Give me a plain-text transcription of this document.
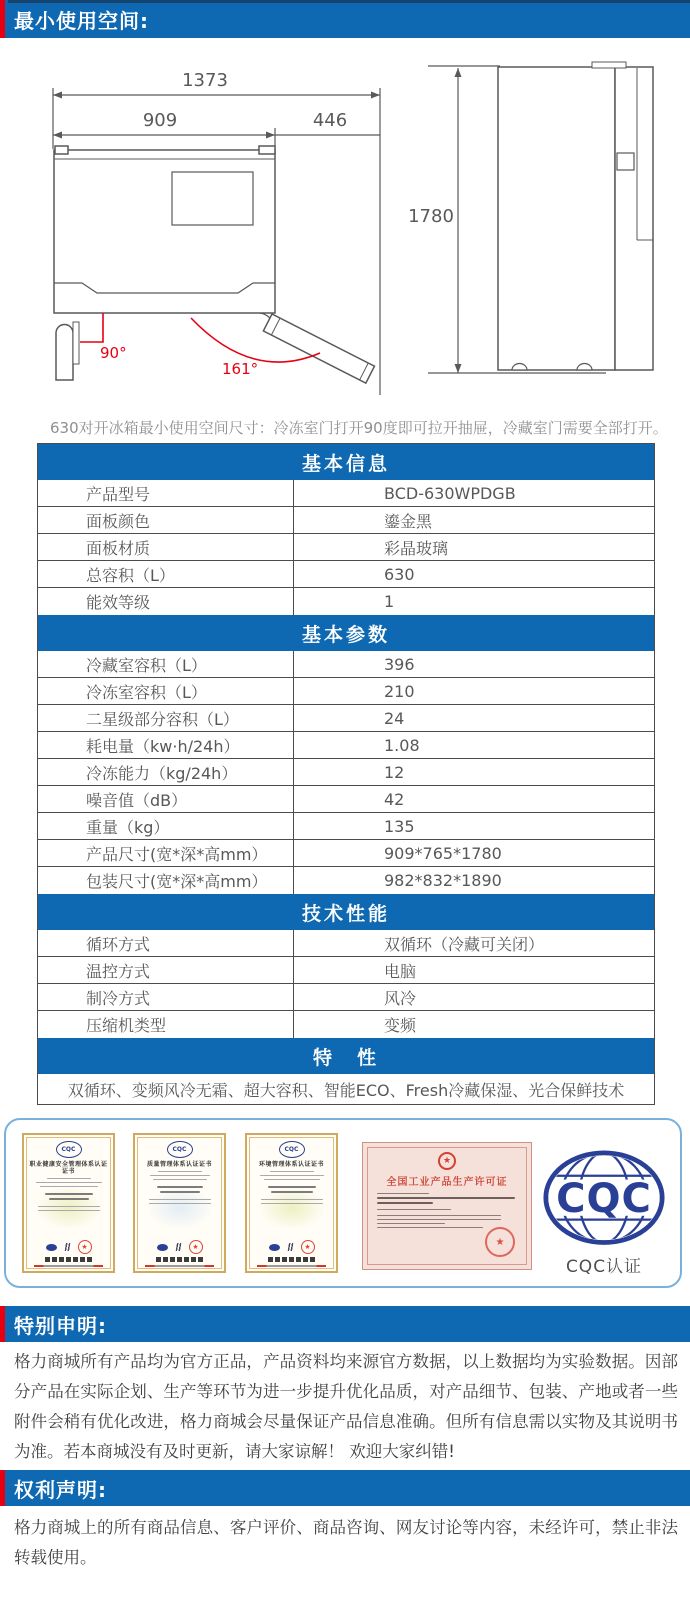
最小使用空间:
1373
909	446
90°
161°
1780

630对开冰箱最小使用空间尺寸：冷冻室门打开90度即可拉开抽屉，冷藏室门需要全部打开。

基本信息
产品型号	BCD-630WPDGB
面板颜色	鎏金黑
面板材质	彩晶玻璃
总容积（L）	630
能效等级	1
基本参数
冷藏室容积（L）	396
冷冻室容积（L）	210
二星级部分容积（L）	24
耗电量（kw·h/24h）	1.08
冷冻能力（kg/24h）	12
噪音值（dB）	42
重量（kg）	135
产品尺寸(宽*深*高mm）	909*765*1780
包装尺寸(宽*深*高mm）	982*832*1890
技术性能
循环方式	双循环（冷藏可关闭）
温控方式	电脑
制冷方式	风冷
压缩机类型	变频
特　性
双循环、变频风冷无霜、超大容积、智能ECO、Fresh冷藏保湿、光合保鲜技术
CQC
职业健康安全管理体系认证证书
★
CQC
质量管理体系认证证书
★
CQC
环境管理体系认证证书
★
★
全国工业产品生产许可证
★
CQC
CQC认证
特别申明:

格力商城所有产品均为官方正品，产品资料均来源官方数据，以上数据均为实验数据。因部分产品在实际企划、生产等环节为进一步提升优化品质，对产品细节、包装、产地或者一些附件会稍有优化改进，格力商城会尽量保证产品信息准确。但所有信息需以实物及其说明书为准。若本商城没有及时更新，请大家谅解！ 欢迎大家纠错!

权利声明:

格力商城上的所有商品信息、客户评价、商品咨询、网友讨论等内容，未经许可，禁止非法转载使用。
